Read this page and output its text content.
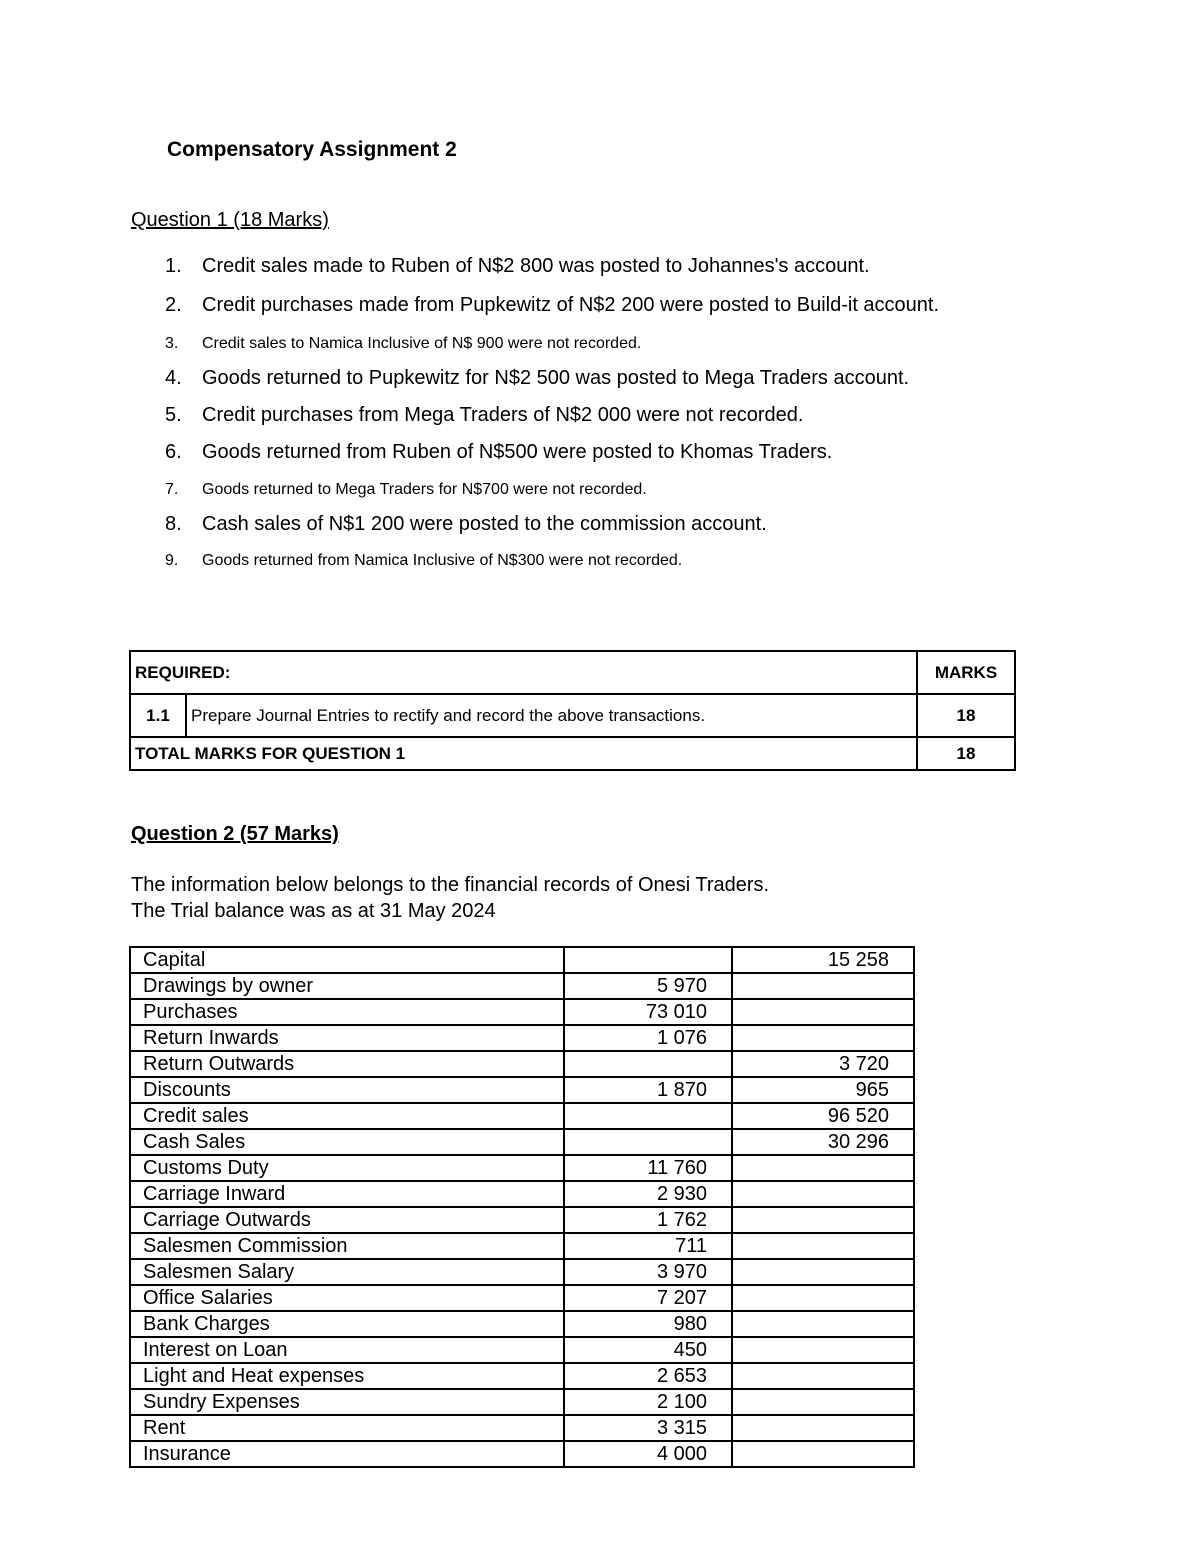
Compensatory Assignment 2

Question 1 (18 Marks)

1. Credit sales made to Ruben of N$2 800 was posted to Johannes's account.
2. Credit purchases made from Pupkewitz of N$2 200 were posted to Build-it account.
3. Credit sales to Namica Inclusive of N$ 900 were not recorded.
4. Goods returned to Pupkewitz for N$2 500 was posted to Mega Traders account.
5. Credit purchases from Mega Traders of N$2 000 were not recorded.
6. Goods returned from Ruben of N$500 were posted to Khomas Traders.
7. Goods returned to Mega Traders for N$700 were not recorded.
8. Cash sales of N$1 200 were posted to the commission account.
9. Goods returned from Namica Inclusive of N$300 were not recorded.
REQUIRED:		MARKS
1.1	Prepare Journal Entries to rectify and record the above transactions.	18
TOTAL MARKS FOR QUESTION 1		18

Question 2 (57 Marks)

The information below belongs to the financial records of Onesi Traders.

The Trial balance was as at 31 May 2024

Capital		15 258
Drawings by owner	5 970	
Purchases	73 010	
Return Inwards	1 076	
Return Outwards		3 720
Discounts	1 870	965
Credit sales		96 520
Cash Sales		30 296
Customs Duty	11 760	
Carriage Inward	2 930	
Carriage Outwards	1 762	
Salesmen Commission	711	
Salesmen Salary	3 970	
Office Salaries	7 207	
Bank Charges	980	
Interest on Loan	450	
Light and Heat expenses	2 653	
Sundry Expenses	2 100	
Rent	3 315	
Insurance	4 000	
